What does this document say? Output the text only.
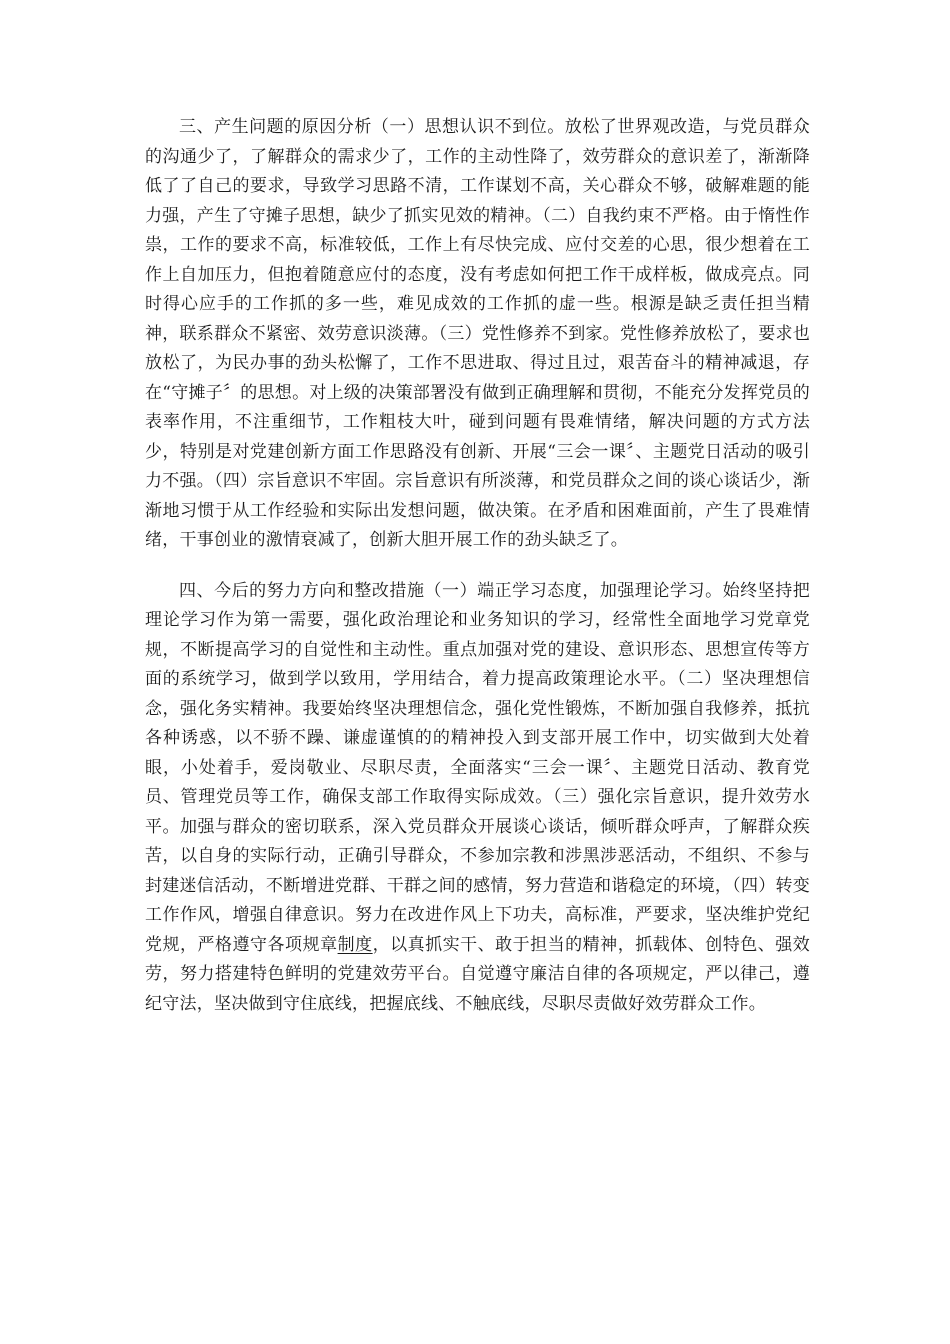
三、产生问题的原因分析（一）思想认识不到位。放松了世界观改造，与党员群众的沟通少了，了解群众的需求少了，工作的主动性降了，效劳群众的意识差了，渐渐降低了了自己的要求，导致学习思路不清，工作谋划不高，关心群众不够，破解难题的能力强，产生了守摊子思想，缺少了抓实见效的精神。（二）自我约束不严格。由于惰性作祟，工作的要求不高，标准较低，工作上有尽快完成、应付交差的心思，很少想着在工作上自加压力，但抱着随意应付的态度，没有考虑如何把工作干成样板，做成亮点。同时得心应手的工作抓的多一些，难见成效的工作抓的虚一些。根源是缺乏责任担当精神，联系群众不紧密、效劳意识淡薄。（三）党性修养不到家。党性修养放松了，要求也放松了，为民办事的劲头松懈了，工作不思进取、得过且过，艰苦奋斗的精神减退，存在“守摊子〞的思想。对上级的决策部署没有做到正确理解和贯彻，不能充分发挥党员的表率作用，不注重细节，工作粗枝大叶，碰到问题有畏难情绪，解决问题的方式方法少，特别是对党建创新方面工作思路没有创新、开展“三会一课〞、主题党日活动的吸引力不强。（四）宗旨意识不牢固。宗旨意识有所淡薄，和党员群众之间的谈心谈话少，渐渐地习惯于从工作经验和实际出发想问题，做决策。在矛盾和困难面前，产生了畏难情绪，干事创业的激情衰减了，创新大胆开展工作的劲头缺乏了。

四、今后的努力方向和整改措施（一）端正学习态度，加强理论学习。始终坚持把理论学习作为第一需要，强化政治理论和业务知识的学习，经常性全面地学习党章党规，不断提高学习的自觉性和主动性。重点加强对党的建设、意识形态、思想宣传等方面的系统学习，做到学以致用，学用结合，着力提高政策理论水平。（二）坚决理想信念，强化务实精神。我要始终坚决理想信念，强化党性锻炼，不断加强自我修养，抵抗各种诱惑，以不骄不躁、谦虚谨慎的的精神投入到支部开展工作中，切实做到大处着眼，小处着手，爱岗敬业、尽职尽责，全面落实“三会一课〞、主题党日活动、教育党员、管理党员等工作，确保支部工作取得实际成效。（三）强化宗旨意识，提升效劳水平。加强与群众的密切联系，深入党员群众开展谈心谈话，倾听群众呼声，了解群众疾苦，以自身的实际行动，正确引导群众，不参加宗教和涉黑涉恶活动，不组织、不参与封建迷信活动，不断增进党群、干群之间的感情，努力营造和谐稳定的环境，（四）转变工作作风，增强自律意识。努力在改进作风上下功夫，高标准，严要求，坚决维护党纪党规，严格遵守各项规章制度，以真抓实干、敢于担当的精神，抓载体、创特色、强效劳，努力搭建特色鲜明的党建效劳平台。自觉遵守廉洁自律的各项规定，严以律己，遵纪守法，坚决做到守住底线，把握底线、不触底线，尽职尽责做好效劳群众工作。
